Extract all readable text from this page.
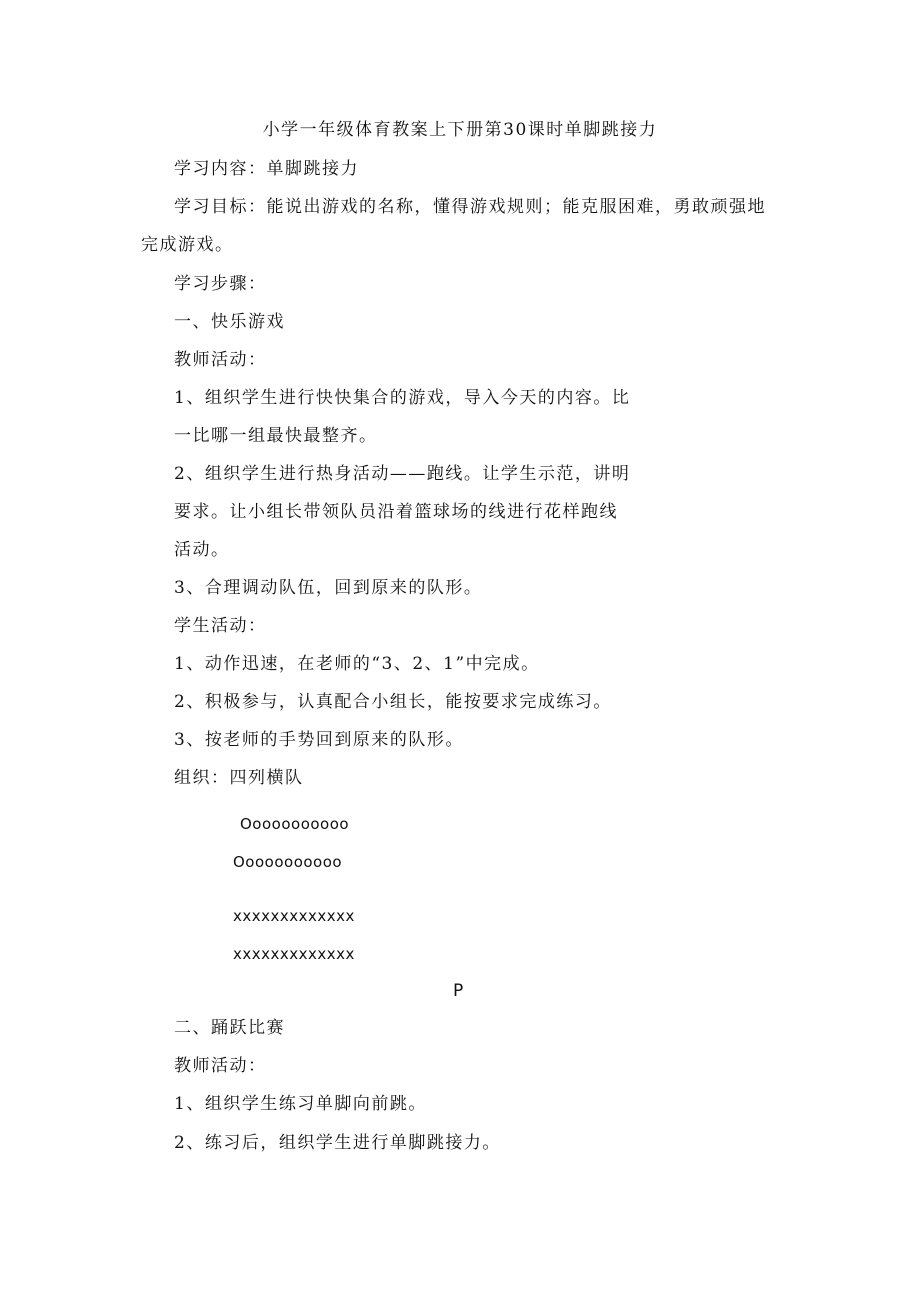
小学一年级体育教案上下册第30课时单脚跳接力
学习内容：单脚跳接力
学习目标：能说出游戏的名称，懂得游戏规则；能克服困难，勇敢顽强地
完成游戏。
学习步骤：
一、快乐游戏
教师活动：
1、组织学生进行快快集合的游戏，导入今天的内容。比
一比哪一组最快最整齐。
2、组织学生进行热身活动——跑线。让学生示范，讲明
要求。让小组长带领队员沿着篮球场的线进行花样跑线
活动。
3、合理调动队伍，回到原来的队形。
学生活动：
1、动作迅速，在老师的“3、2、1”中完成。
2、积极参与，认真配合小组长，能按要求完成练习。
3、按老师的手势回到原来的队形。
组织：四列横队
Ooooooooooo
Ooooooooooo
xxxxxxxxxxxxx
xxxxxxxxxxxxx
P
二、踊跃比赛
教师活动：
1、组织学生练习单脚向前跳。
2、练习后，组织学生进行单脚跳接力。
